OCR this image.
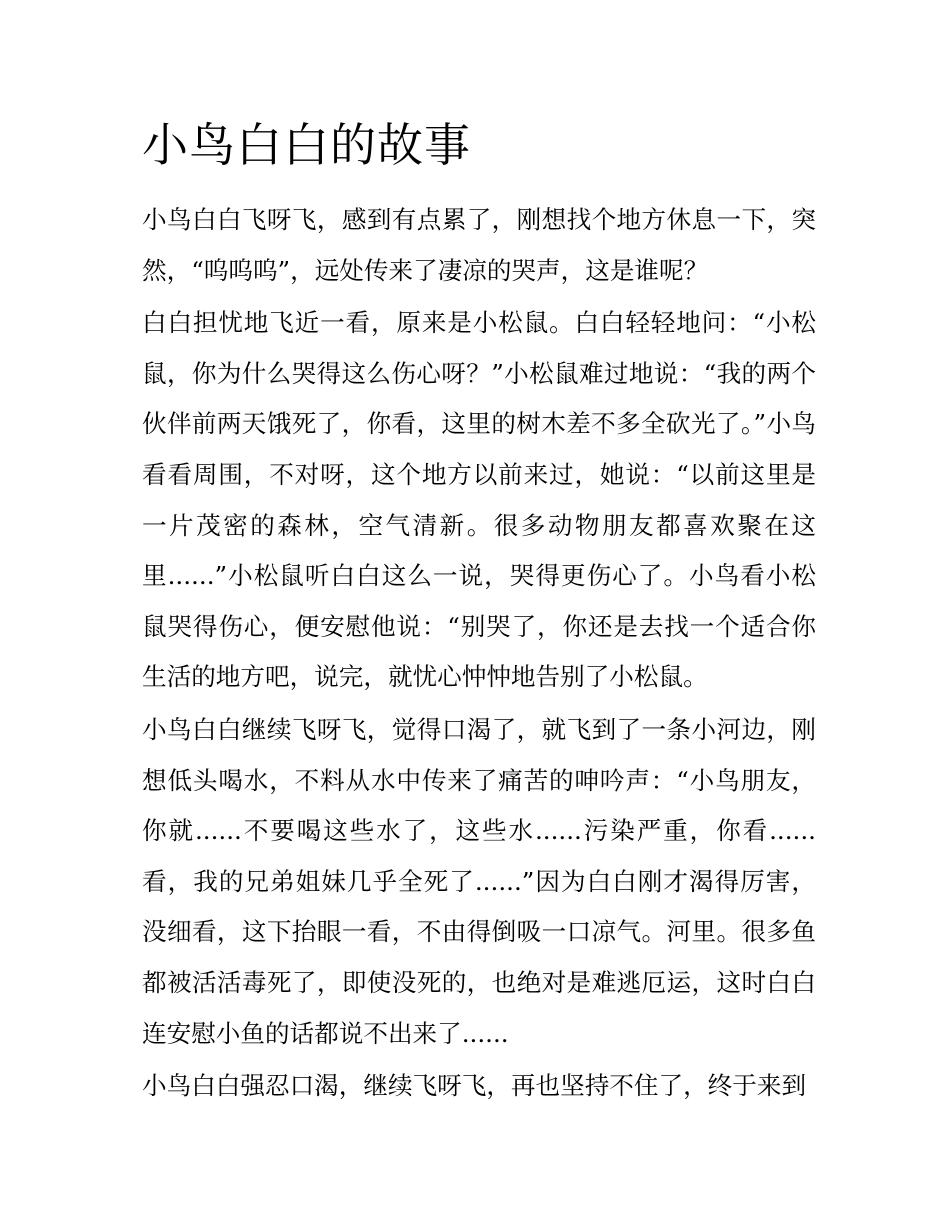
小鸟白白的故事

小鸟白白飞呀飞，感到有点累了，刚想找个地方休息一下，突然，“呜呜呜”，远处传来了凄凉的哭声，这是谁呢？

白白担忧地飞近一看，原来是小松鼠。白白轻轻地问：“小松鼠，你为什么哭得这么伤心呀？”小松鼠难过地说：“我的两个伙伴前两天饿死了，你看，这里的树木差不多全砍光了。”小鸟看看周围，不对呀，这个地方以前来过，她说：“以前这里是一片茂密的森林，空气清新。很多动物朋友都喜欢聚在这里......”小松鼠听白白这么一说，哭得更伤心了。小鸟看小松鼠哭得伤心，便安慰他说：“别哭了，你还是去找一个适合你生活的地方吧，说完，就忧心忡忡地告别了小松鼠。

小鸟白白继续飞呀飞，觉得口渴了，就飞到了一条小河边，刚想低头喝水，不料从水中传来了痛苦的呻吟声：“小鸟朋友，你就......不要喝这些水了，这些水......污染严重，你看......看，我的兄弟姐妹几乎全死了......”因为白白刚才渴得厉害，没细看，这下抬眼一看，不由得倒吸一口凉气。河里。很多鱼都被活活毒死了，即使没死的，也绝对是难逃厄运，这时白白连安慰小鱼的话都说不出来了......

小鸟白白强忍口渴，继续飞呀飞，再也坚持不住了，终于来到
